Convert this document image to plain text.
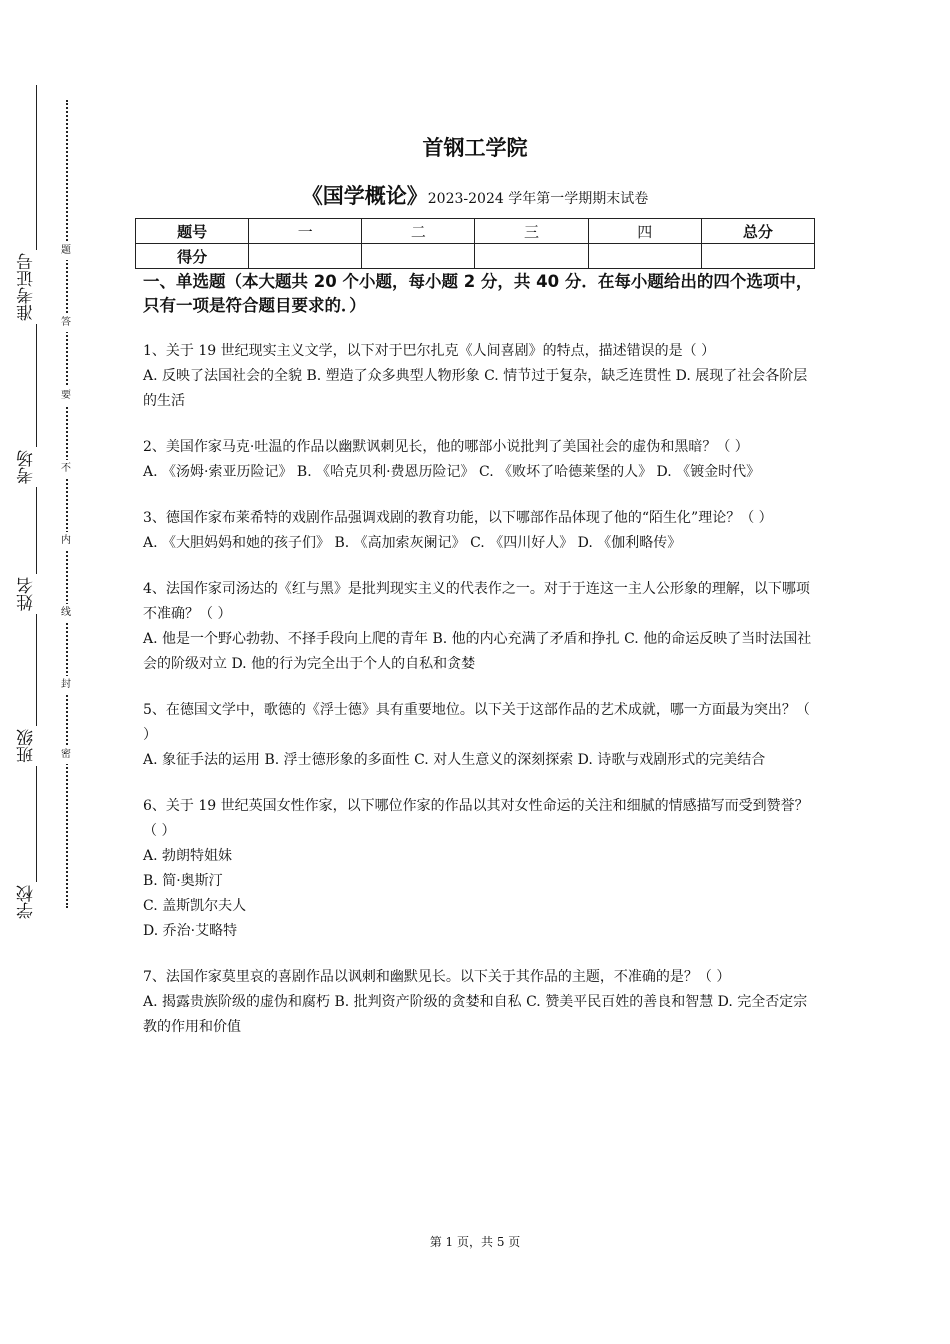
准考证号
考场
姓名
班级
学校
题
答
要
不
内
线
封
密
首钢工学院
《国学概论》2023-2024 学年第一学期期末试卷
题号	一	二	三	四	总分
得分					
一、单选题（本大题共 20 个小题，每小题 2 分，共 40 分．在每小题给出的四个选项中，只有一项是符合题目要求的．）

1、关于 19 世纪现实主义文学，以下对于巴尔扎克《人间喜剧》的特点，描述错误的是（ ）

A. 反映了法国社会的全貌 B. 塑造了众多典型人物形象 C. 情节过于复杂，缺乏连贯性 D. 展现了社会各阶层的生活

2、美国作家马克·吐温的作品以幽默讽刺见长，他的哪部小说批判了美国社会的虚伪和黑暗？（ ）

A. 《汤姆·索亚历险记》 B. 《哈克贝利·费恩历险记》 C. 《败坏了哈德莱堡的人》 D. 《镀金时代》

3、德国作家布莱希特的戏剧作品强调戏剧的教育功能，以下哪部作品体现了他的“陌生化”理论？（ ）

A. 《大胆妈妈和她的孩子们》 B. 《高加索灰阑记》 C. 《四川好人》 D. 《伽利略传》

4、法国作家司汤达的《红与黑》是批判现实主义的代表作之一。对于于连这一主人公形象的理解，以下哪项不准确？（ ）

A. 他是一个野心勃勃、不择手段向上爬的青年 B. 他的内心充满了矛盾和挣扎 C. 他的命运反映了当时法国社会的阶级对立 D. 他的行为完全出于个人的自私和贪婪

5、在德国文学中，歌德的《浮士德》具有重要地位。以下关于这部作品的艺术成就，哪一方面最为突出？（ ）

A. 象征手法的运用 B. 浮士德形象的多面性 C. 对人生意义的深刻探索 D. 诗歌与戏剧形式的完美结合

6、关于 19 世纪英国女性作家，以下哪位作家的作品以其对女性命运的关注和细腻的情感描写而受到赞誉？（ ）

A. 勃朗特姐妹

B. 简·奥斯汀

C. 盖斯凯尔夫人

D. 乔治·艾略特

7、法国作家莫里哀的喜剧作品以讽刺和幽默见长。以下关于其作品的主题，不准确的是？（ ）

A. 揭露贵族阶级的虚伪和腐朽 B. 批判资产阶级的贪婪和自私 C. 赞美平民百姓的善良和智慧 D. 完全否定宗教的作用和价值

第 1 页，共 5 页
